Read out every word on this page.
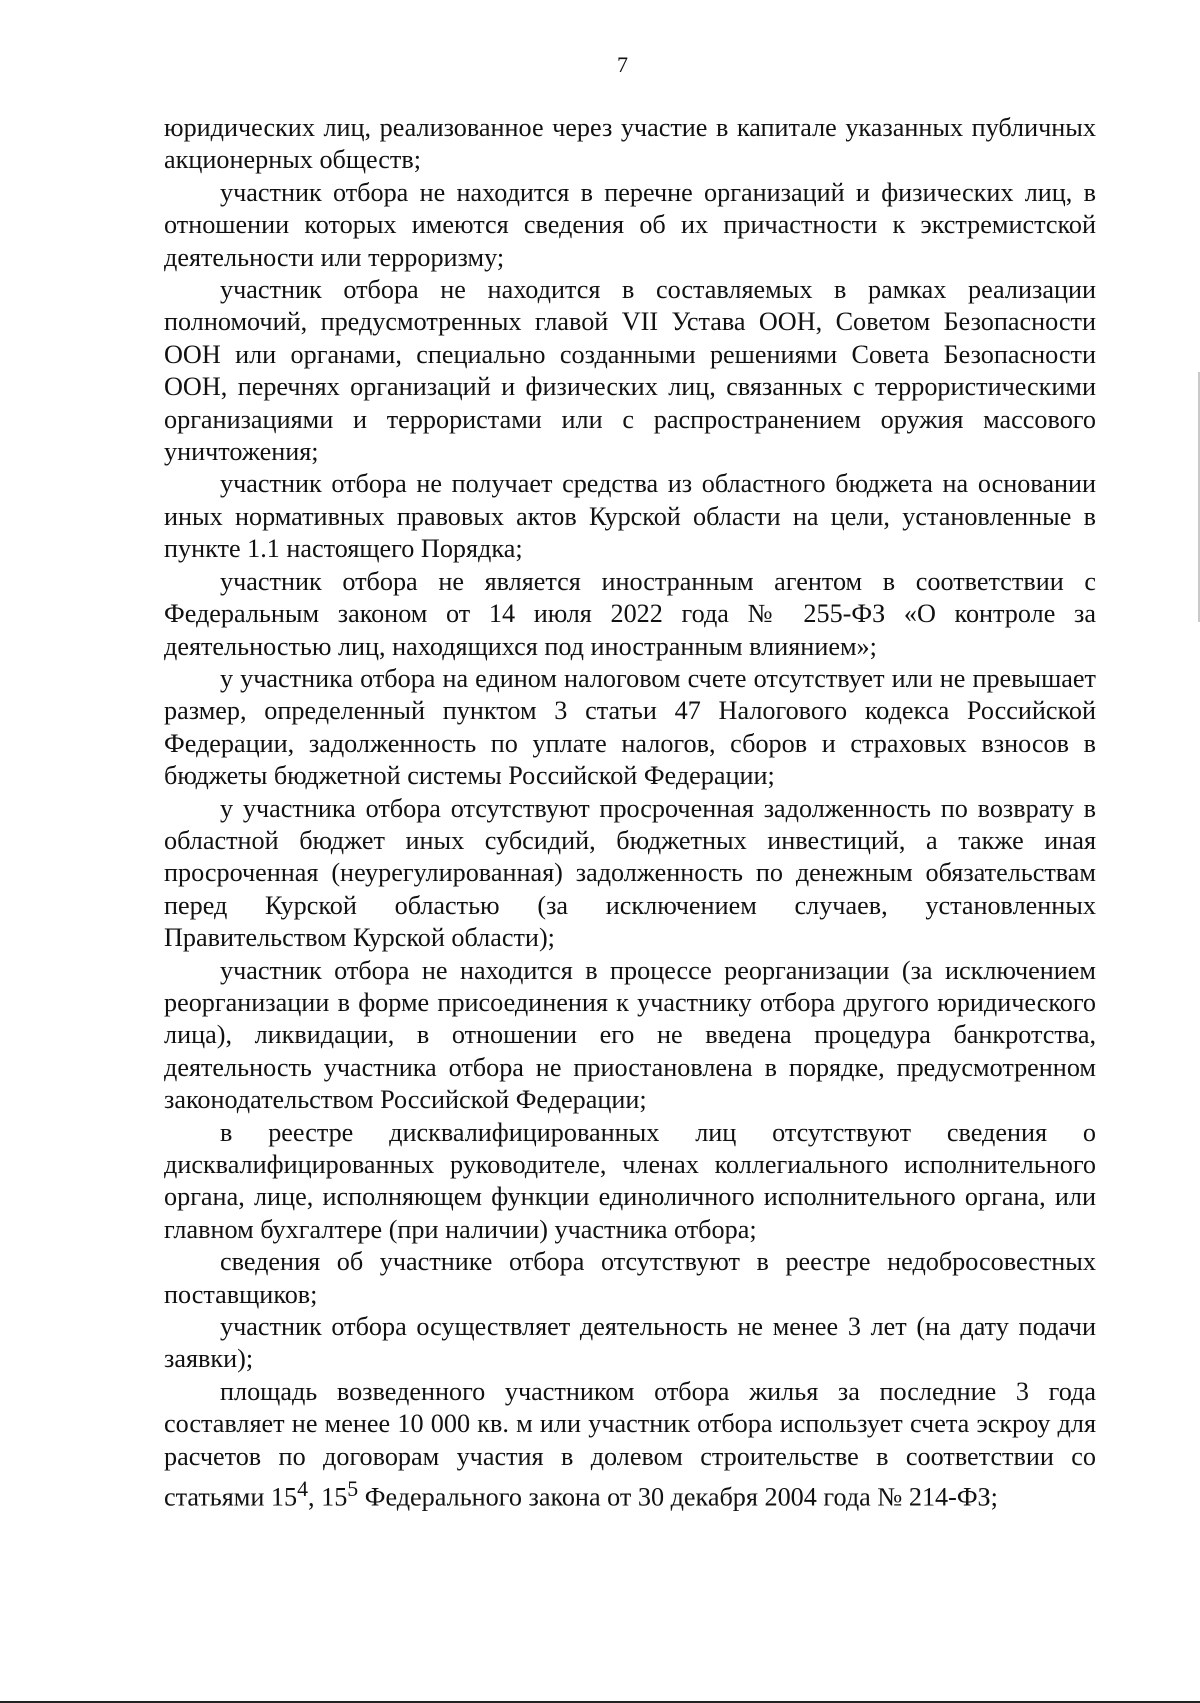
7

юридических лиц, реализованное через участие в капитале указанных публичных акционерных обществ;

участник отбора не находится в перечне организаций и физических лиц, в отношении которых имеются сведения об их причастности к экстремистской деятельности или терроризму;

участник отбора не находится в составляемых в рамках реализации полномочий, предусмотренных главой VII Устава ООН, Советом Безопасности ООН или органами, специально созданными решениями Совета Безопасности ООН, перечнях организаций и физических лиц, связанных с террористическими организациями и террористами или с распространением оружия массового уничтожения;

участник отбора не получает средства из областного бюджета на основании иных нормативных правовых актов Курской области на цели, установленные в пункте 1.1 настоящего Порядка;

участник отбора не является иностранным агентом в соответствии с Федеральным законом от 14 июля 2022 года № 255-ФЗ «О контроле за деятельностью лиц, находящихся под иностранным влиянием»;

у участника отбора на едином налоговом счете отсутствует или не превышает размер, определенный пунктом 3 статьи 47 Налогового кодекса Российской Федерации, задолженность по уплате налогов, сборов и страховых взносов в бюджеты бюджетной системы Российской Федерации;

у участника отбора отсутствуют просроченная задолженность по возврату в областной бюджет иных субсидий, бюджетных инвестиций, а также иная просроченная (неурегулированная) задолженность по денежным обязательствам перед Курской областью (за исключением случаев, установленных Правительством Курской области);

участник отбора не находится в процессе реорганизации (за исключением реорганизации в форме присоединения к участнику отбора другого юридического лица), ликвидации, в отношении его не введена процедура банкротства, деятельность участника отбора не приостановлена в порядке, предусмотренном законодательством Российской Федерации;

в реестре дисквалифицированных лиц отсутствуют сведения о дисквалифицированных руководителе, членах коллегиального исполнительного органа, лице, исполняющем функции единоличного исполнительного органа, или главном бухгалтере (при наличии) участника отбора;

сведения об участнике отбора отсутствуют в реестре недобросовестных поставщиков;

участник отбора осуществляет деятельность не менее 3 лет (на дату подачи заявки);

площадь возведенного участником отбора жилья за последние 3 года составляет не менее 10 000 кв. м или участник отбора использует счета эскроу для расчетов по договорам участия в долевом строительстве в соответствии со статьями $15^4$, $15^5$ Федерального закона от 30 декабря 2004 года № 214-ФЗ;
